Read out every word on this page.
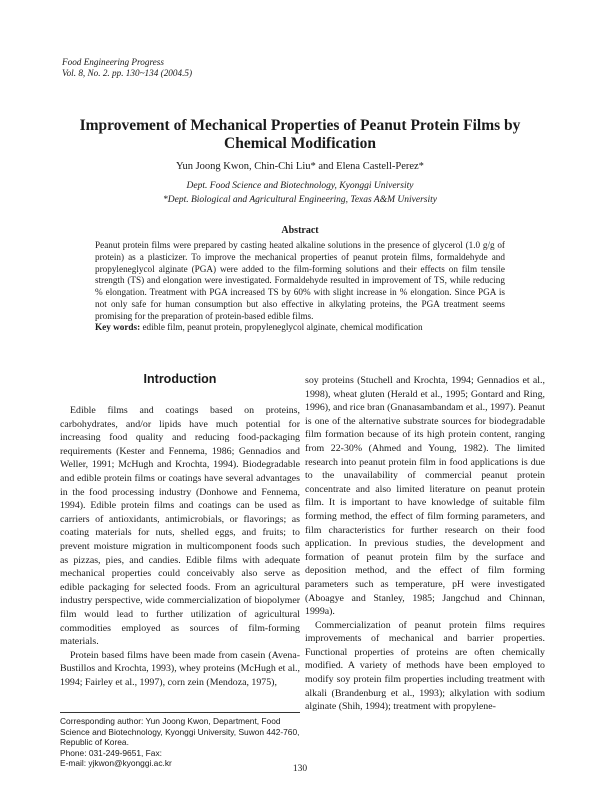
Food Engineering Progress
Vol. 8, No. 2. pp. 130~134 (2004.5)
Improvement of Mechanical Properties of Peanut Protein Films by
Chemical Modification
Yun Joong Kwon, Chin-Chi Liu* and Elena Castell-Perez*
Dept. Food Science and Biotechnology, Kyonggi University
*Dept. Biological and Agricultural Engineering, Texas A&M University
Abstract

Peanut protein films were prepared by casting heated alkaline solutions in the presence of glycerol (1.0 g/g of protein) as a plasticizer. To improve the mechanical properties of peanut protein films, formaldehyde and propyleneglycol alginate (PGA) were added to the film-forming solutions and their effects on film tensile strength (TS) and elongation were investigated. Formaldehyde resulted in improvement of TS, while reducing % elongation. Treatment with PGA increased TS by 60% with slight increase in % elongation. Since PGA is not only safe for human consumption but also effective in alkylating proteins, the PGA treatment seems promising for the preparation of protein-based edible films.

Key words: edible film, peanut protein, propyleneglycol alginate, chemical modification
Introduction

Edible films and coatings based on proteins, carbohydrates, and/or lipids have much potential for increasing food quality and reducing food-packaging requirements (Kester and Fennema, 1986; Gennadios and Weller, 1991; McHugh and Krochta, 1994). Biodegradable and edible protein films or coatings have several advantages in the food processing industry (Donhowe and Fennema, 1994). Edible protein films and coatings can be used as carriers of antioxidants, antimicrobials, or flavorings; as coating materials for nuts, shelled eggs, and fruits; to prevent moisture migration in multicomponent foods such as pizzas, pies, and candies. Edible films with adequate mechanical properties could conceivably also serve as edible packaging for selected foods. From an agricultural industry perspective, wide commercialization of biopolymer film would lead to further utilization of agricultural commodities employed as sources of film-forming materials.

Protein based films have been made from casein (Avena-Bustillos and Krochta, 1993), whey proteins (McHugh et al., 1994; Fairley et al., 1997), corn zein (Mendoza, 1975),

soy proteins (Stuchell and Krochta, 1994; Gennadios et al., 1998), wheat gluten (Herald et al., 1995; Gontard and Ring, 1996), and rice bran (Gnanasambandam et al., 1997). Peanut is one of the alternative substrate sources for biodegradable film formation because of its high protein content, ranging from 22-30% (Ahmed and Young, 1982). The limited research into peanut protein film in food applications is due to the unavailability of commercial peanut protein concentrate and also limited literature on peanut protein film. It is important to have knowledge of suitable film forming method, the effect of film forming parameters, and film characteristics for further research on their food application. In previous studies, the development and formation of peanut protein film by the surface and deposition method, and the effect of film forming parameters such as temperature, pH were investigated (Aboagye and Stanley, 1985; Jangchud and Chinnan, 1999a).

Commercialization of peanut protein films requires improvements of mechanical and barrier properties. Functional properties of proteins are often chemically modified. A variety of methods have been employed to modify soy protein film properties including treatment with alkali (Brandenburg et al., 1993); alkylation with sodium alginate (Shih, 1994); treatment with propylene-

Corresponding author: Yun Joong Kwon, Department, Food Science and Biotechnology, Kyonggi University, Suwon 442-760, Republic of Korea.
Phone: 031-249-9651, Fax:
E-mail: yjkwon@kyonggi.ac.kr
130
